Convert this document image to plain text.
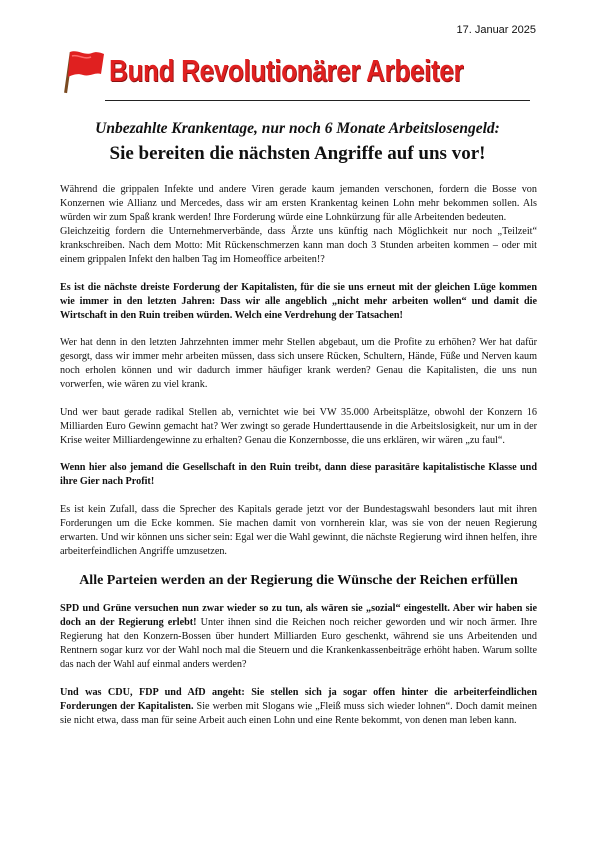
17. Januar 2025
Bund Revolutionärer Arbeiter
Unbezahlte Krankentage, nur noch 6 Monate Arbeitslosengeld:
Sie bereiten die nächsten Angriffe auf uns vor!

Während die grippalen Infekte und andere Viren gerade kaum jemanden verschonen, fordern die Bosse von Konzernen wie Allianz und Mercedes, dass wir am ersten Krankentag keinen Lohn mehr bekommen sollen. Als würden wir zum Spaß krank werden! Ihre Forderung würde eine Lohnkürzung für alle Arbeitenden bedeuten.

Gleichzeitig fordern die Unternehmerverbände, dass Ärzte uns künftig nach Möglichkeit nur noch „Teilzeit“ krankschreiben. Nach dem Motto: Mit Rückenschmerzen kann man doch 3 Stunden arbeiten kommen – oder mit einem grippalen Infekt den halben Tag im Homeoffice arbeiten!?

Es ist die nächste dreiste Forderung der Kapitalisten, für die sie uns erneut mit der gleichen Lüge kommen wie immer in den letzten Jahren: Dass wir alle angeblich „nicht mehr arbeiten wollen“ und damit die Wirtschaft in den Ruin treiben würden. Welch eine Verdrehung der Tatsachen!

Wer hat denn in den letzten Jahrzehnten immer mehr Stellen abgebaut, um die Profite zu erhöhen? Wer hat dafür gesorgt, dass wir immer mehr arbeiten müssen, dass sich unsere Rücken, Schultern, Hände, Füße und Nerven kaum noch erholen können und wir dadurch immer häufiger krank werden? Genau die Kapitalisten, die uns nun vorwerfen, wie wären zu viel krank.

Und wer baut gerade radikal Stellen ab, vernichtet wie bei VW 35.000 Arbeitsplätze, obwohl der Konzern 16 Milliarden Euro Gewinn gemacht hat? Wer zwingt so gerade Hunderttausende in die Arbeitslosigkeit, nur um in der Krise weiter Milliardengewinne zu erhalten? Genau die Konzernbosse, die uns erklären, wir wären „zu faul“.

Wenn hier also jemand die Gesellschaft in den Ruin treibt, dann diese parasitäre kapitalistische Klasse und ihre Gier nach Profit!

Es ist kein Zufall, dass die Sprecher des Kapitals gerade jetzt vor der Bundestagswahl besonders laut mit ihren Forderungen um die Ecke kommen. Sie machen damit von vornherein klar, was sie von der neuen Regierung erwarten. Und wir können uns sicher sein: Egal wer die Wahl gewinnt, die nächste Regierung wird ihnen helfen, ihre arbeiterfeindlichen Angriffe umzusetzen.

Alle Parteien werden an der Regierung die Wünsche der Reichen erfüllen

SPD und Grüne versuchen nun zwar wieder so zu tun, als wären sie „sozial“ eingestellt. Aber wir haben sie doch an der Regierung erlebt! Unter ihnen sind die Reichen noch reicher geworden und wir noch ärmer. Ihre Regierung hat den Konzern-Bossen über hundert Milliarden Euro geschenkt, während sie uns Arbeitenden und Rentnern sogar kurz vor der Wahl noch mal die Steuern und die Krankenkassenbeiträge erhöht haben. Warum sollte das nach der Wahl auf einmal anders werden?

Und was CDU, FDP und AfD angeht: Sie stellen sich ja sogar offen hinter die arbeiterfeindlichen Forderungen der Kapitalisten. Sie werben mit Slogans wie „Fleiß muss sich wieder lohnen“. Doch damit meinen sie nicht etwa, dass man für seine Arbeit auch einen Lohn und eine Rente bekommt, von denen man leben kann.
